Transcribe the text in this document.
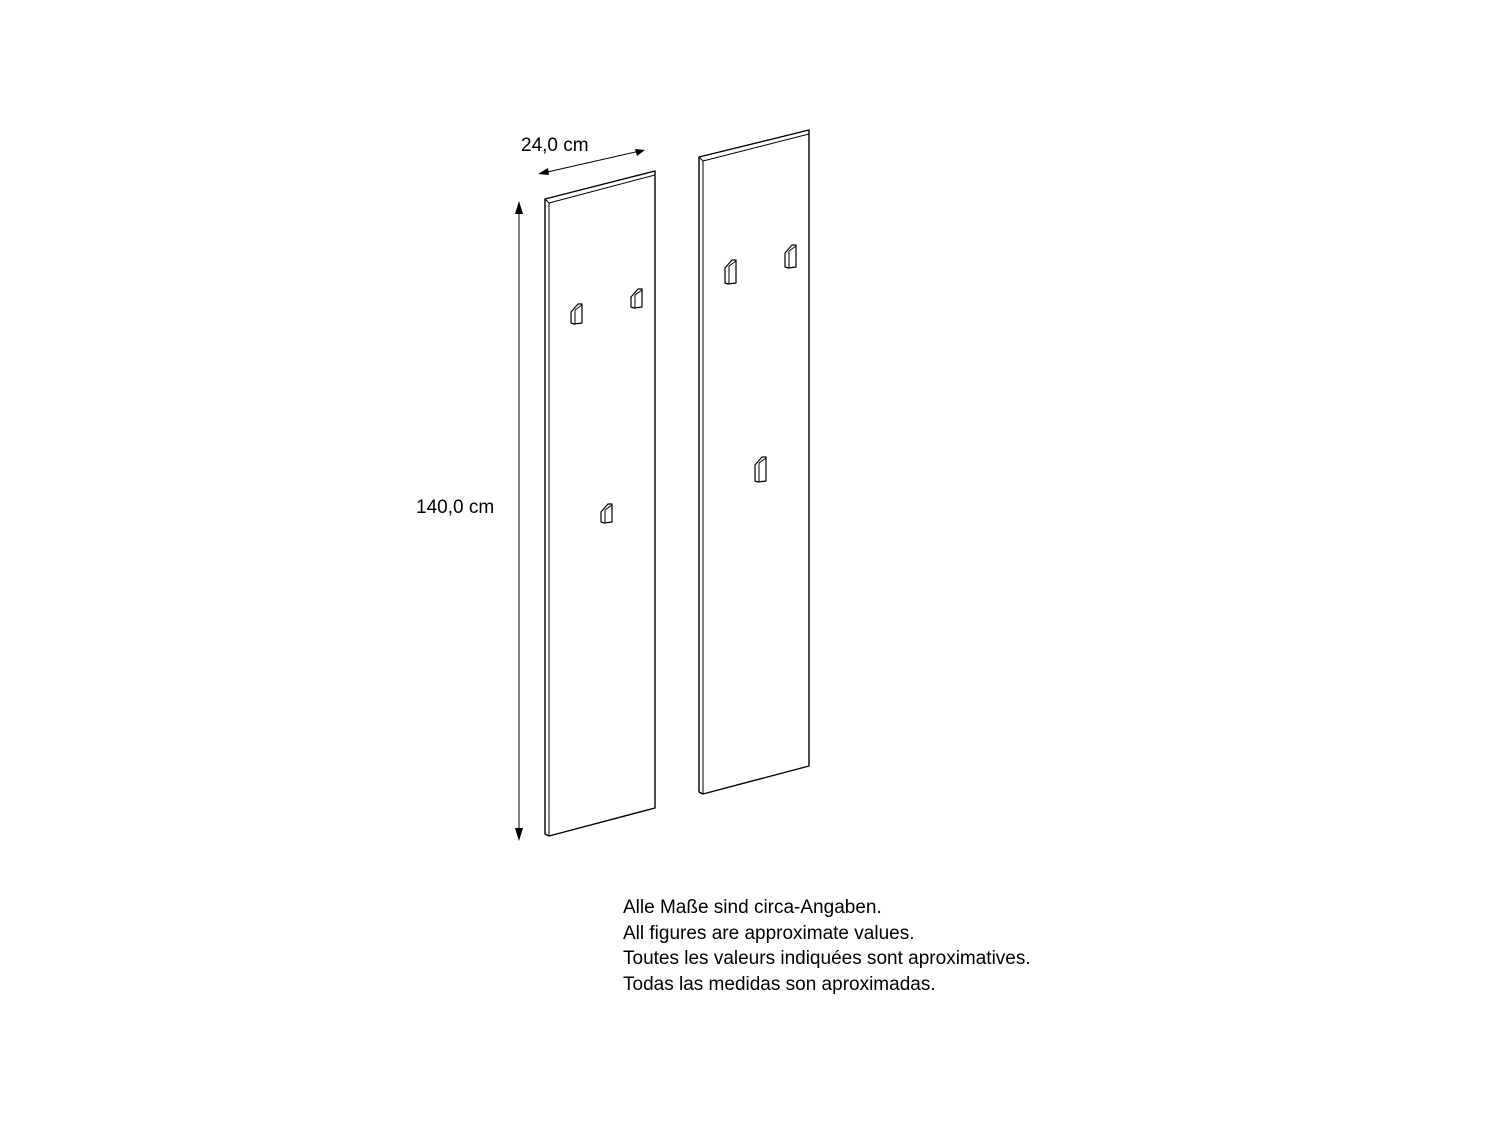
24,0 cm
140,0 cm
Alle Maße sind circa-Angaben.
All figures are approximate values.
Toutes les valeurs indiquées sont aproximatives.
Todas las medidas son aproximadas.
